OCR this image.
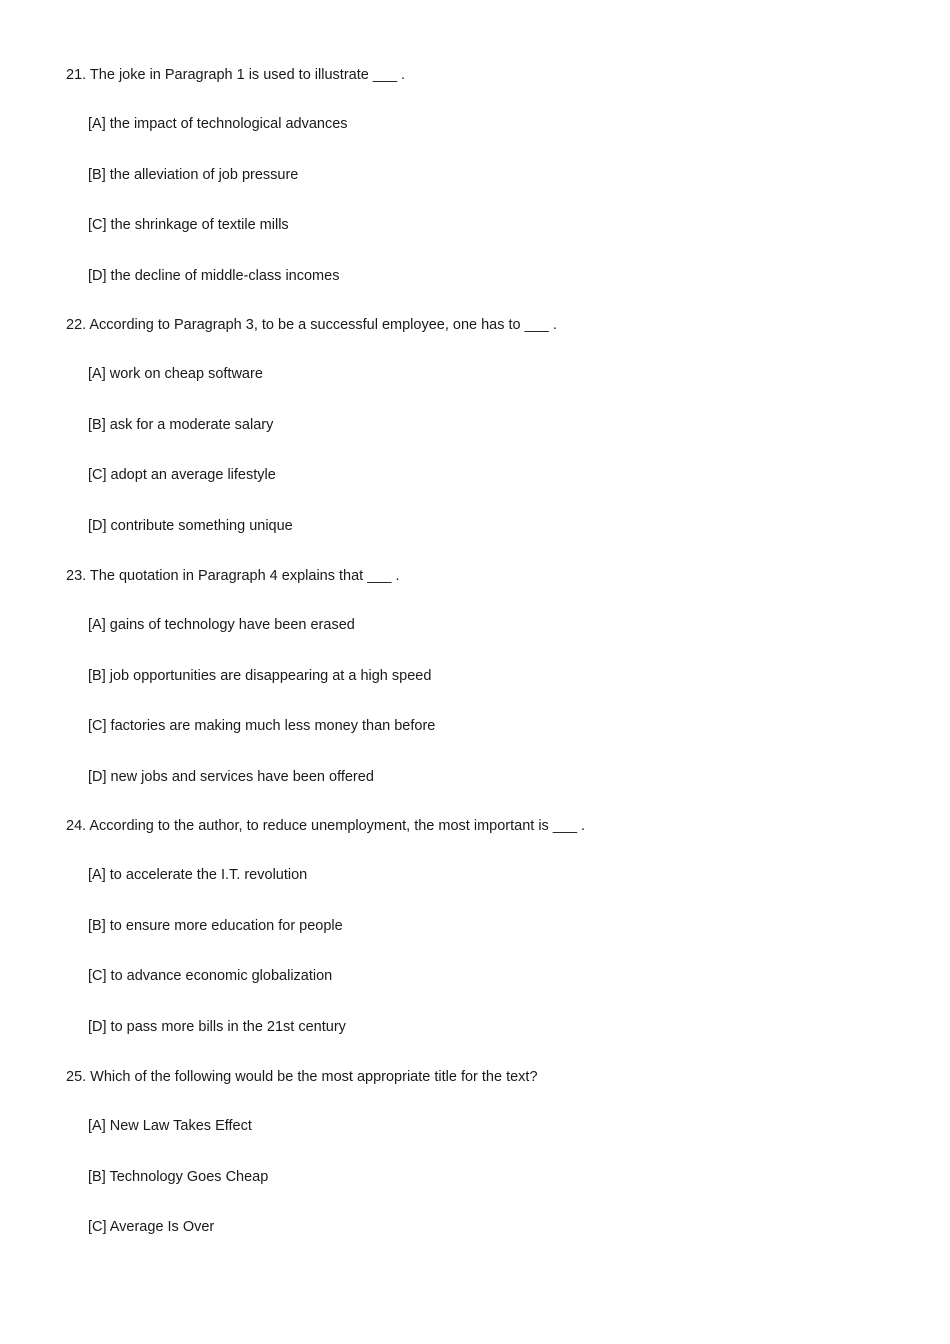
21. The joke in Paragraph 1 is used to illustrate ___ .
[A] the impact of technological advances
[B] the alleviation of job pressure
[C] the shrinkage of textile mills
[D] the decline of middle-class incomes
22. According to Paragraph 3, to be a successful employee, one has to ___ .
[A] work on cheap software
[B] ask for a moderate salary
[C] adopt an average lifestyle
[D] contribute something unique
23. The quotation in Paragraph 4 explains that ___ .
[A] gains of technology have been erased
[B] job opportunities are disappearing at a high speed
[C] factories are making much less money than before
[D] new jobs and services have been offered
24. According to the author, to reduce unemployment, the most important is ___ .
[A] to accelerate the I.T. revolution
[B] to ensure more education for people
[C] to advance economic globalization
[D] to pass more bills in the 21st century
25. Which of the following would be the most appropriate title for the text?
[A] New Law Takes Effect
[B] Technology Goes Cheap
[C] Average Is Over
